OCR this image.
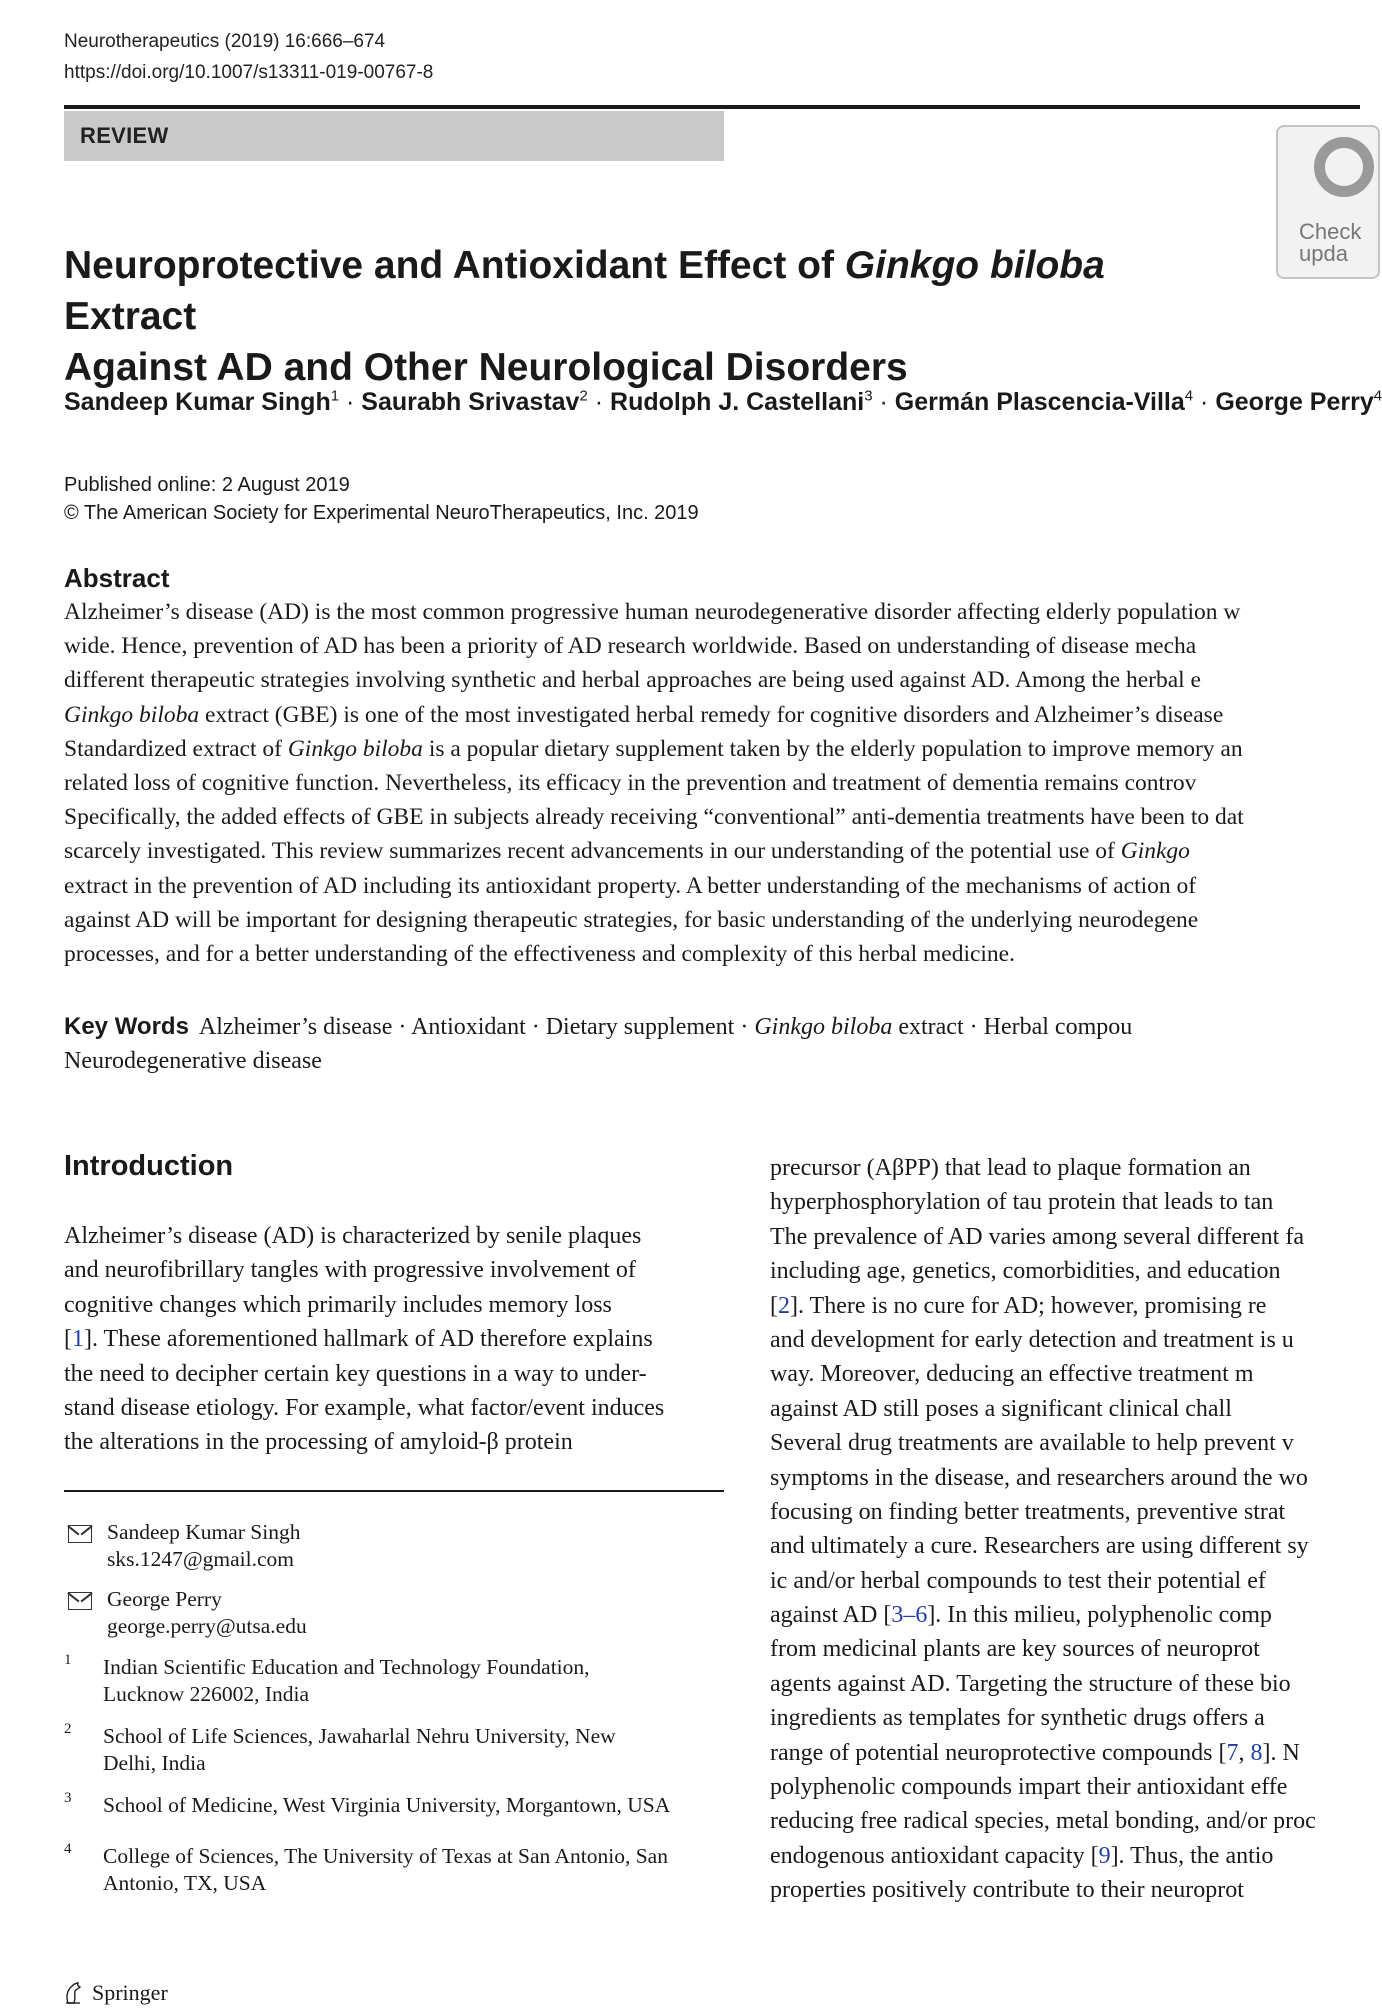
Neurotherapeutics (2019) 16:666–674
https://doi.org/10.1007/s13311-019-00767-8
REVIEW
Check
upda
Neuroprotective and Antioxidant Effect of Ginkgo biloba Extract
Against AD and Other Neurological Disorders
Sandeep Kumar Singh$^1$ · Saurabh Srivastav$^2$ · Rudolph J. Castellani$^3$ · Germán Plascencia-Villa$^4$ · George Perry$^4$
Published online: 2 August 2019
© The American Society for Experimental NeuroTherapeutics, Inc. 2019
Abstract
Alzheimer’s disease (AD) is the most common progressive human neurodegenerative disorder affecting elderly population w
wide. Hence, prevention of AD has been a priority of AD research worldwide. Based on understanding of disease mecha
different therapeutic strategies involving synthetic and herbal approaches are being used against AD. Among the herbal e
Ginkgo biloba extract (GBE) is one of the most investigated herbal remedy for cognitive disorders and Alzheimer’s disease
Standardized extract of Ginkgo biloba is a popular dietary supplement taken by the elderly population to improve memory an
related loss of cognitive function. Nevertheless, its efficacy in the prevention and treatment of dementia remains controv
Specifically, the added effects of GBE in subjects already receiving “conventional” anti-dementia treatments have been to dat
scarcely investigated. This review summarizes recent advancements in our understanding of the potential use of Ginkgo
extract in the prevention of AD including its antioxidant property. A better understanding of the mechanisms of action of
against AD will be important for designing therapeutic strategies, for basic understanding of the underlying neurodegene
processes, and for a better understanding of the effectiveness and complexity of this herbal medicine.
Key Words Alzheimer’s disease · Antioxidant · Dietary supplement · Ginkgo biloba extract · Herbal compou
Neurodegenerative disease
Introduction
Alzheimer’s disease (AD) is characterized by senile plaques
and neurofibrillary tangles with progressive involvement of
cognitive changes which primarily includes memory loss
[1]. These aforementioned hallmark of AD therefore explains
the need to decipher certain key questions in a way to under-
stand disease etiology. For example, what factor/event induces
the alterations in the processing of amyloid-β protein
precursor (AβPP) that lead to plaque formation an
hyperphosphorylation of tau protein that leads to tan
The prevalence of AD varies among several different fa
including age, genetics, comorbidities, and education
[2]. There is no cure for AD; however, promising re
and development for early detection and treatment is u
way. Moreover, deducing an effective treatment m
against AD still poses a significant clinical chall
Several drug treatments are available to help prevent v
symptoms in the disease, and researchers around the wo
focusing on finding better treatments, preventive strat
and ultimately a cure. Researchers are using different sy
ic and/or herbal compounds to test their potential ef
against AD [3–6]. In this milieu, polyphenolic comp
from medicinal plants are key sources of neuroprot
agents against AD. Targeting the structure of these bio
ingredients as templates for synthetic drugs offers a
range of potential neuroprotective compounds [7, 8]. N
polyphenolic compounds impart their antioxidant effe
reducing free radical species, metal bonding, and/or proc
endogenous antioxidant capacity [9]. Thus, the antio
properties positively contribute to their neuroprot
Sandeep Kumar Singh
sks.1247@gmail.com
George Perry
george.perry@utsa.edu
1 Indian Scientific Education and Technology Foundation,
Lucknow 226002, India
2 School of Life Sciences, Jawaharlal Nehru University, New
Delhi, India
3 School of Medicine, West Virginia University, Morgantown, USA
4 College of Sciences, The University of Texas at San Antonio, San
Antonio, TX, USA
Springer
